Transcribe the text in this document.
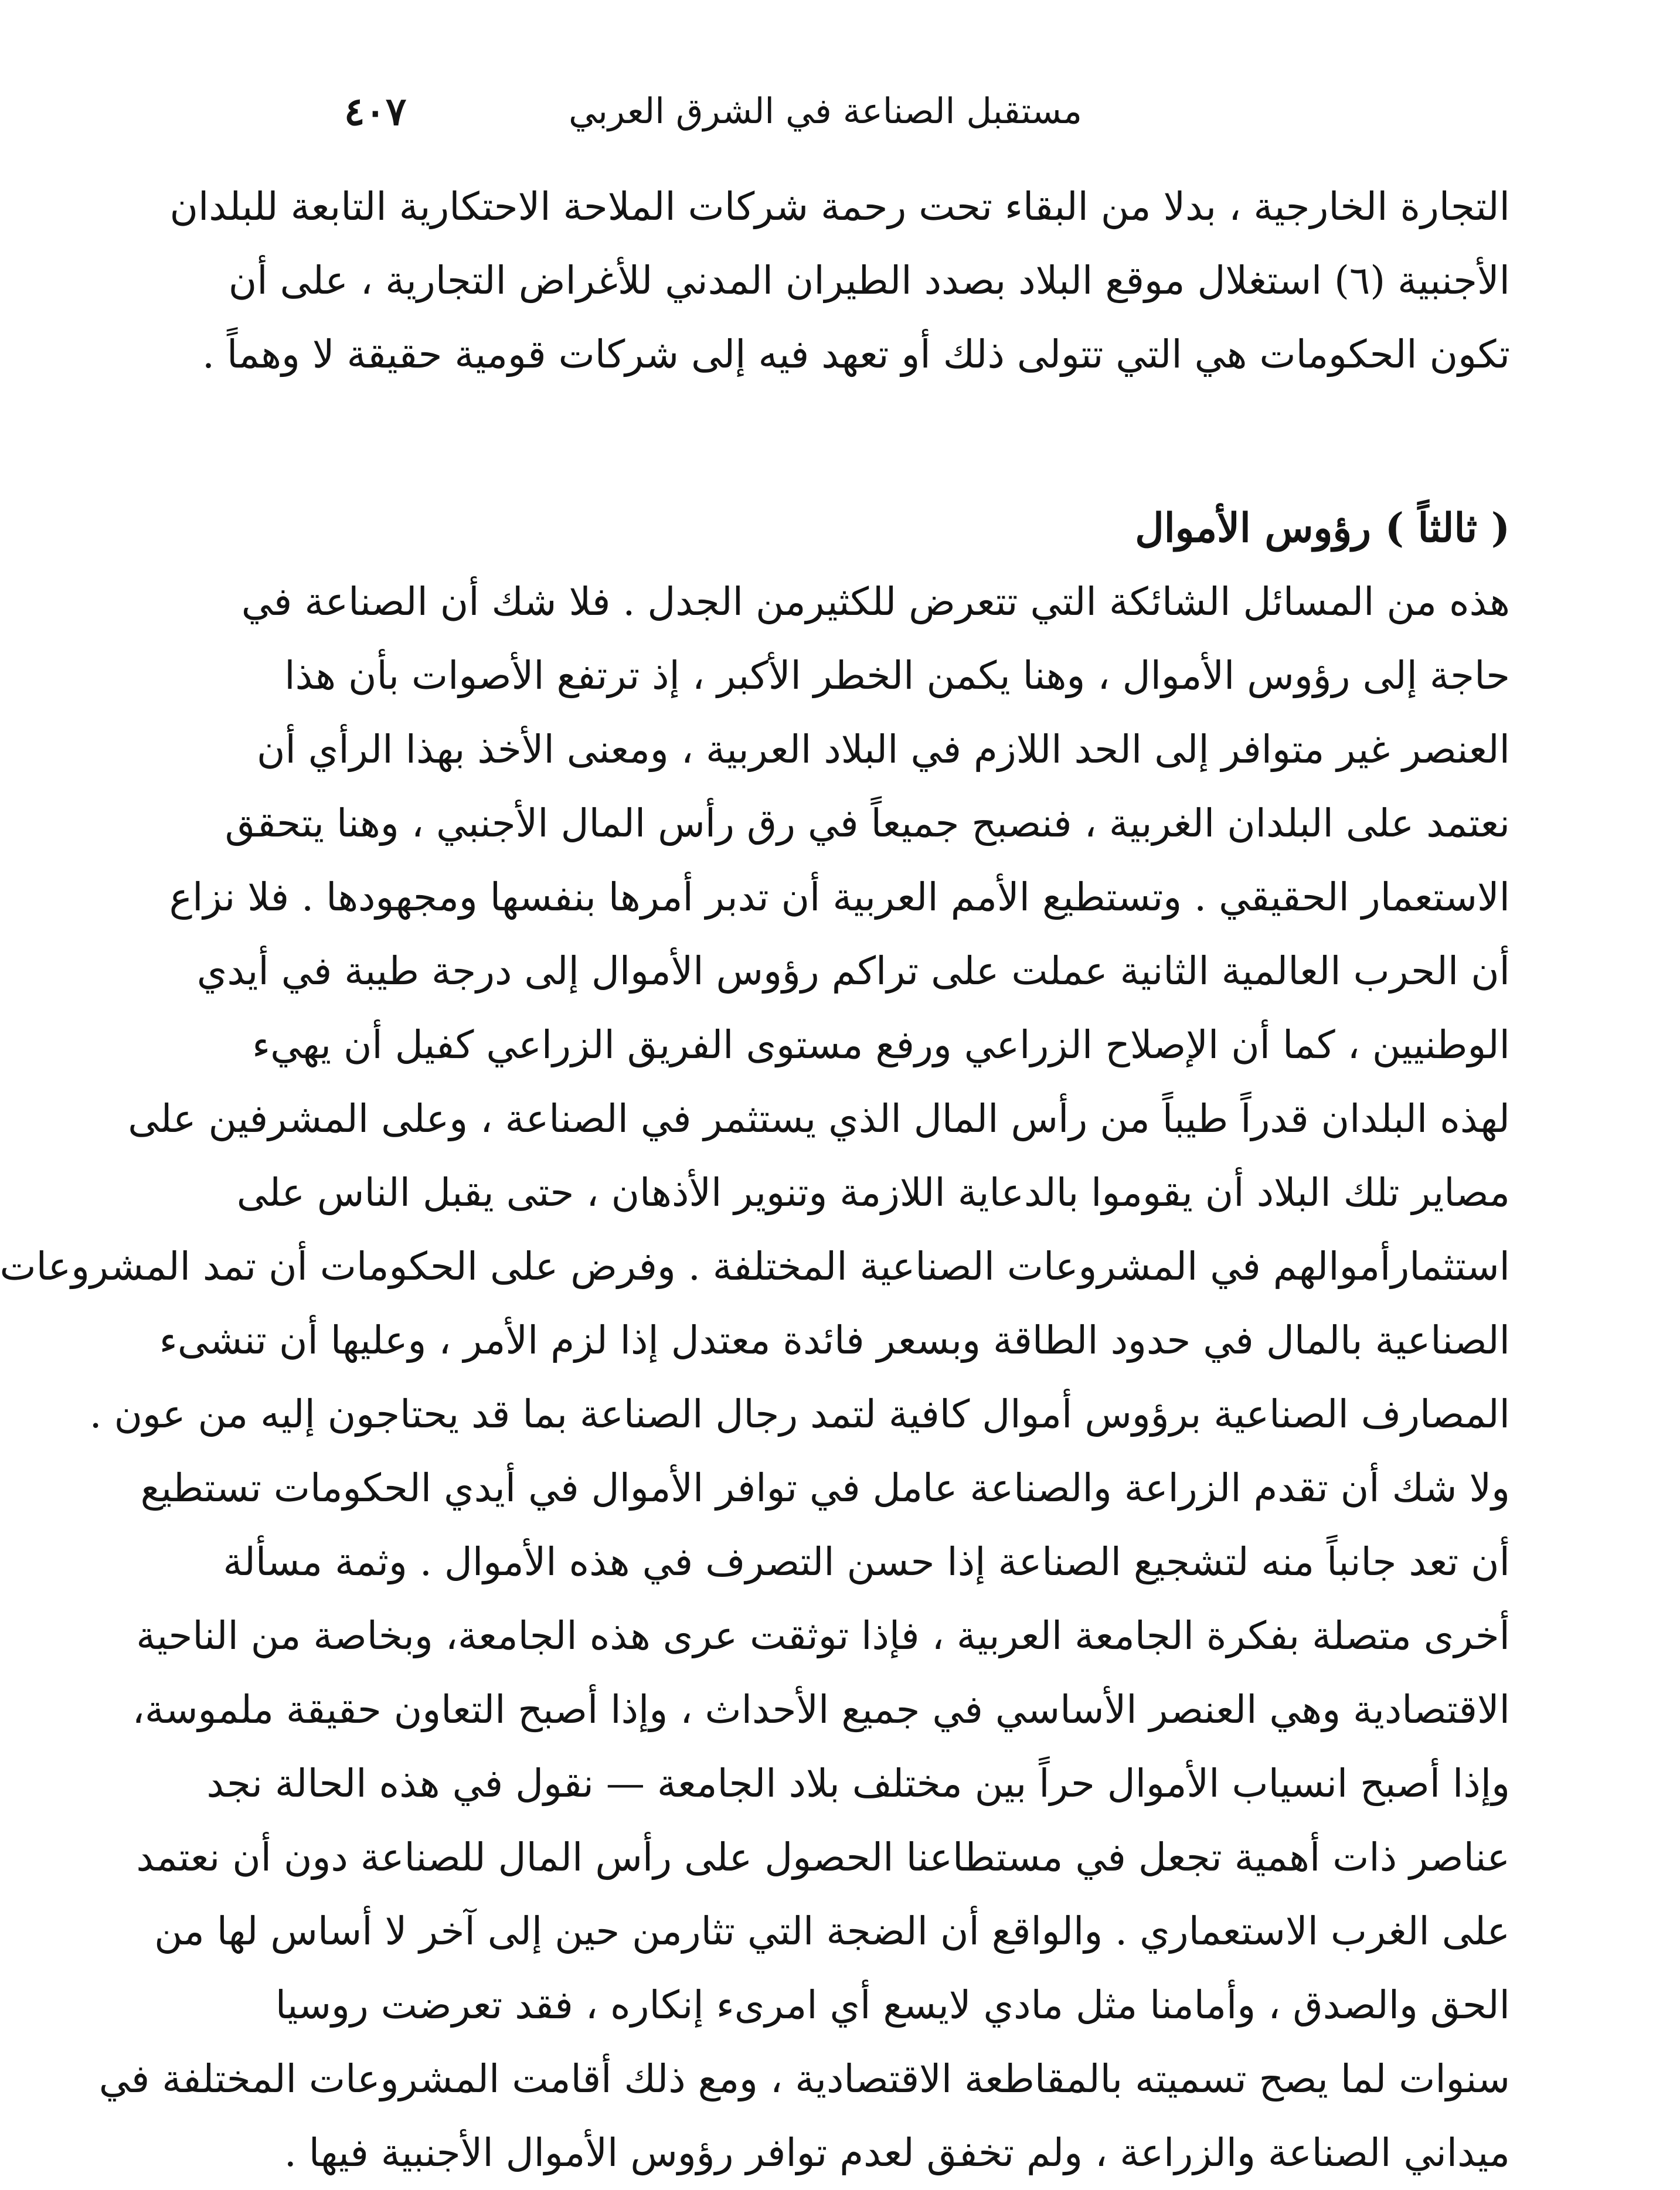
مستقبل الصناعة في الشرق العربي
٤٠٧
التجارة الخارجية ، بدلا من البقاء تحت رحمة شركات الملاحة الاحتكارية التابعة للبلدان
الأجنبية (٦) استغلال موقع البلاد بصدد الطيران المدني للأغراض التجارية ، على أن
تكون الحكومات هي التي تتولى ذلك أو تعهد فيه إلى شركات قومية حقيقة لا وهماً .
( ثالثاً ) رؤوس الأموال
هذه من المسائل الشائكة التي تتعرض للكثيرمن الجدل . فلا شك أن الصناعة في
حاجة إلى رؤوس الأموال ، وهنا يكمن الخطر الأكبر ، إذ ترتفع الأصوات بأن هذا
العنصر غير متوافر إلى الحد اللازم في البلاد العربية ، ومعنى الأخذ بهذا الرأي أن
نعتمد على البلدان الغربية ، فنصبح جميعاً في رق رأس المال الأجنبي ، وهنا يتحقق
الاستعمار الحقيقي . وتستطيع الأمم العربية أن تدبر أمرها بنفسها ومجهودها . فلا نزاع
أن الحرب العالمية الثانية عملت على تراكم رؤوس الأموال إلى درجة طيبة في أيدي
الوطنيين ، كما أن الإصلاح الزراعي ورفع مستوى الفريق الزراعي كفيل أن يهيء
لهذه البلدان قدراً طيباً من رأس المال الذي يستثمر في الصناعة ، وعلى المشرفين على
مصاير تلك البلاد أن يقوموا بالدعاية اللازمة وتنوير الأذهان ، حتى يقبل الناس على
استثمارأموالهم في المشروعات الصناعية المختلفة . وفرض على الحكومات أن تمد المشروعات
الصناعية بالمال في حدود الطاقة وبسعر فائدة معتدل إذا لزم الأمر ، وعليها أن تنشىء
المصارف الصناعية برؤوس أموال كافية لتمد رجال الصناعة بما قد يحتاجون إليه من عون .
ولا شك أن تقدم الزراعة والصناعة عامل في توافر الأموال في أيدي الحكومات تستطيع
أن تعد جانباً منه لتشجيع الصناعة إذا حسن التصرف في هذه الأموال . وثمة مسألة
أخرى متصلة بفكرة الجامعة العربية ، فإذا توثقت عرى هذه الجامعة، وبخاصة من الناحية
الاقتصادية وهي العنصر الأساسي في جميع الأحداث ، وإذا أصبح التعاون حقيقة ملموسة،
وإذا أصبح انسياب الأموال حراً بين مختلف بلاد الجامعة — نقول في هذه الحالة نجد
عناصر ذات أهمية تجعل في مستطاعنا الحصول على رأس المال للصناعة دون أن نعتمد
على الغرب الاستعماري . والواقع أن الضجة التي تثارمن حين إلى آخر لا أساس لها من
الحق والصدق ، وأمامنا مثل مادي لايسع أي امرىء إنكاره ، فقد تعرضت روسيا
سنوات لما يصح تسميته بالمقاطعة الاقتصادية ، ومع ذلك أقامت المشروعات المختلفة في
ميداني الصناعة والزراعة ، ولم تخفق لعدم توافر رؤوس الأموال الأجنبية فيها .
